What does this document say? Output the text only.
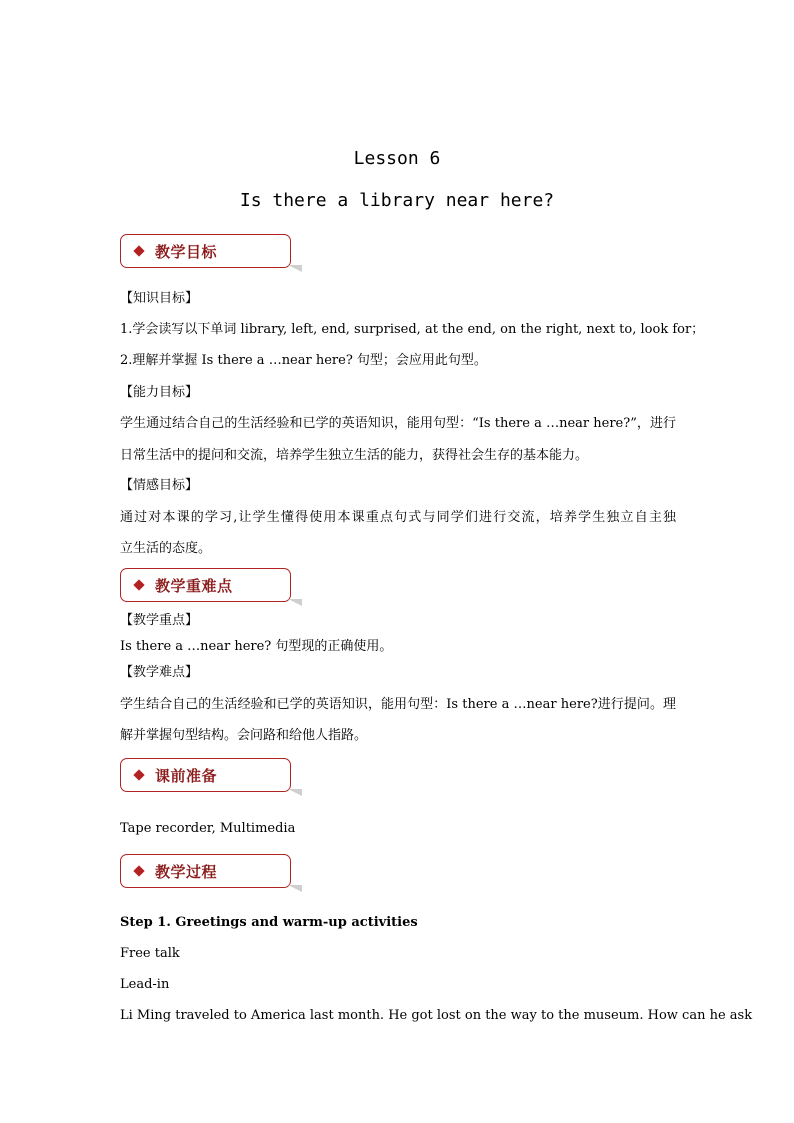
Lesson 6
Is there a library near here?
教学目标
【知识目标】
1.学会读写以下单词 library, left, end, surprised, at the end, on the right, next to, look for；
2.理解并掌握 Is there a …near here? 句型；会应用此句型。
【能力目标】
学生通过结合自己的生活经验和已学的英语知识，能用句型：“Is there a …near here?”，进行
日常生活中的提问和交流，培养学生独立生活的能力，获得社会生存的基本能力。
【情感目标】
通过对本课的学习,让学生懂得使用本课重点句式与同学们进行交流，培养学生独立自主独
立生活的态度。
教学重难点
【教学重点】
Is there a …near here? 句型现的正确使用。
【教学难点】
学生结合自己的生活经验和已学的英语知识，能用句型：Is there a …near here?进行提问。理
解并掌握句型结构。会问路和给他人指路。
课前准备
Tape recorder, Multimedia
教学过程
Step 1. Greetings and warm-up activities
Free talk
Lead-in
Li Ming traveled to America last month. He got lost on the way to the museum. How can he ask
